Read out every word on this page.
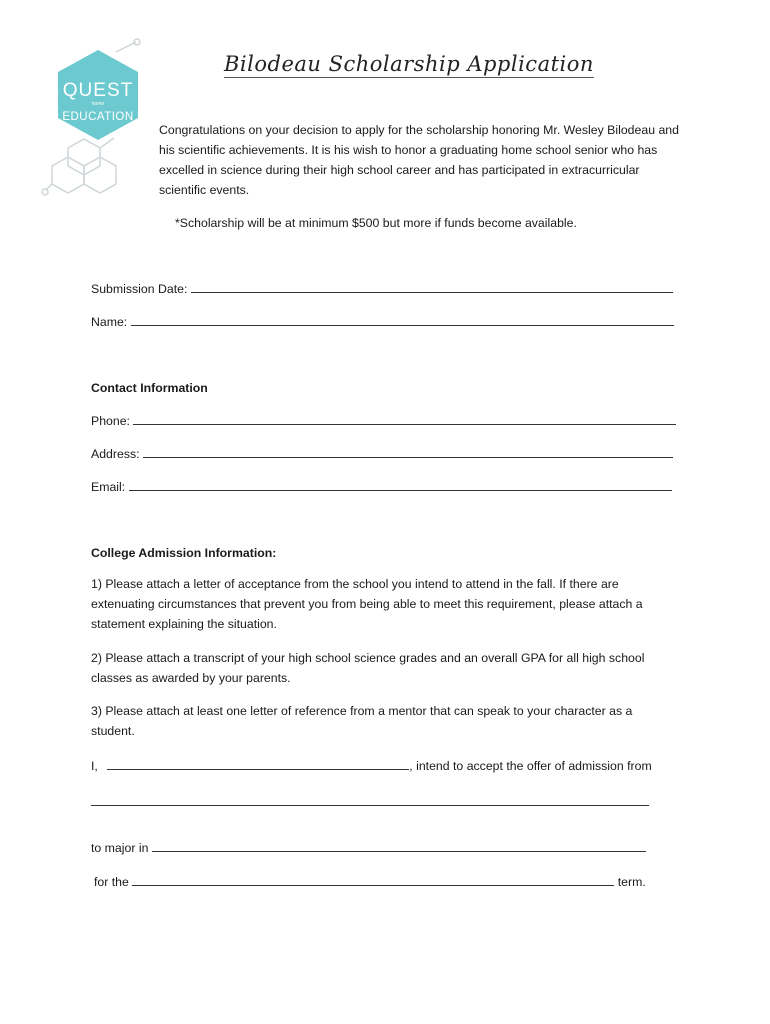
QUEST
home
EDUCATION
Bilodeau Scholarship Application

Congratulations on your decision to apply for the scholarship honoring Mr. Wesley Bilodeau and his scientific achievements. It is his wish to honor a graduating home school senior who has excelled in science during their high school career and has participated in extracurricular scientific events.

*Scholarship will be at minimum $500 but more if funds become available.

Submission Date:
Name:
Contact Information
Phone:
Address:
Email:
College Admission Information:

1) Please attach a letter of acceptance from the school you intend to attend in the fall. If there are extenuating circumstances that prevent you from being able to meet this requirement, please attach a statement explaining the situation.

2) Please attach a transcript of your high school science grades and an overall GPA for all high school classes as awarded by your parents.

3) Please attach at least one letter of reference from a mentor that can speak to your character as a student.

I,	, intend to accept the offer of admission from
to major in
for the	term.
